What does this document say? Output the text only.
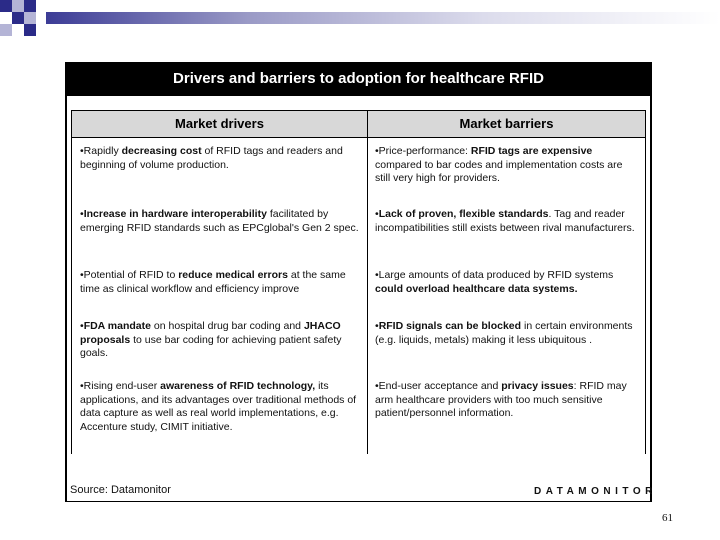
Drivers and barriers to adoption for healthcare RFID
Market drivers	Market barriers
•Rapidly decreasing cost of RFID tags and readers and beginning of volume production.
•Price-performance: RFID tags are expensive compared to bar codes and implementation costs are still very high for providers.
•Increase in hardware interoperability facilitated by emerging RFID standards such as EPCglobal's Gen 2 spec.
•Lack of proven, flexible standards. Tag and reader incompatibilities still exists between rival manufacturers.
•Potential of RFID to reduce medical errors at the same time as clinical workflow and efficiency improve
•Large amounts of data produced by RFID systems could overload healthcare data systems.
•FDA mandate on hospital drug bar coding and JHACO proposals to use bar coding for achieving patient safety goals.
•RFID signals can be blocked in certain environments (e.g. liquids, metals) making it less ubiquitous .
•Rising end-user awareness of RFID technology, its applications, and its advantages over traditional methods of data capture as well as real world implementations, e.g. Accenture study, CIMIT initiative.
•End-user acceptance and privacy issues: RFID may arm healthcare providers with too much sensitive patient/personnel information.
Source: Datamonitor	DATAMONITOR
61
